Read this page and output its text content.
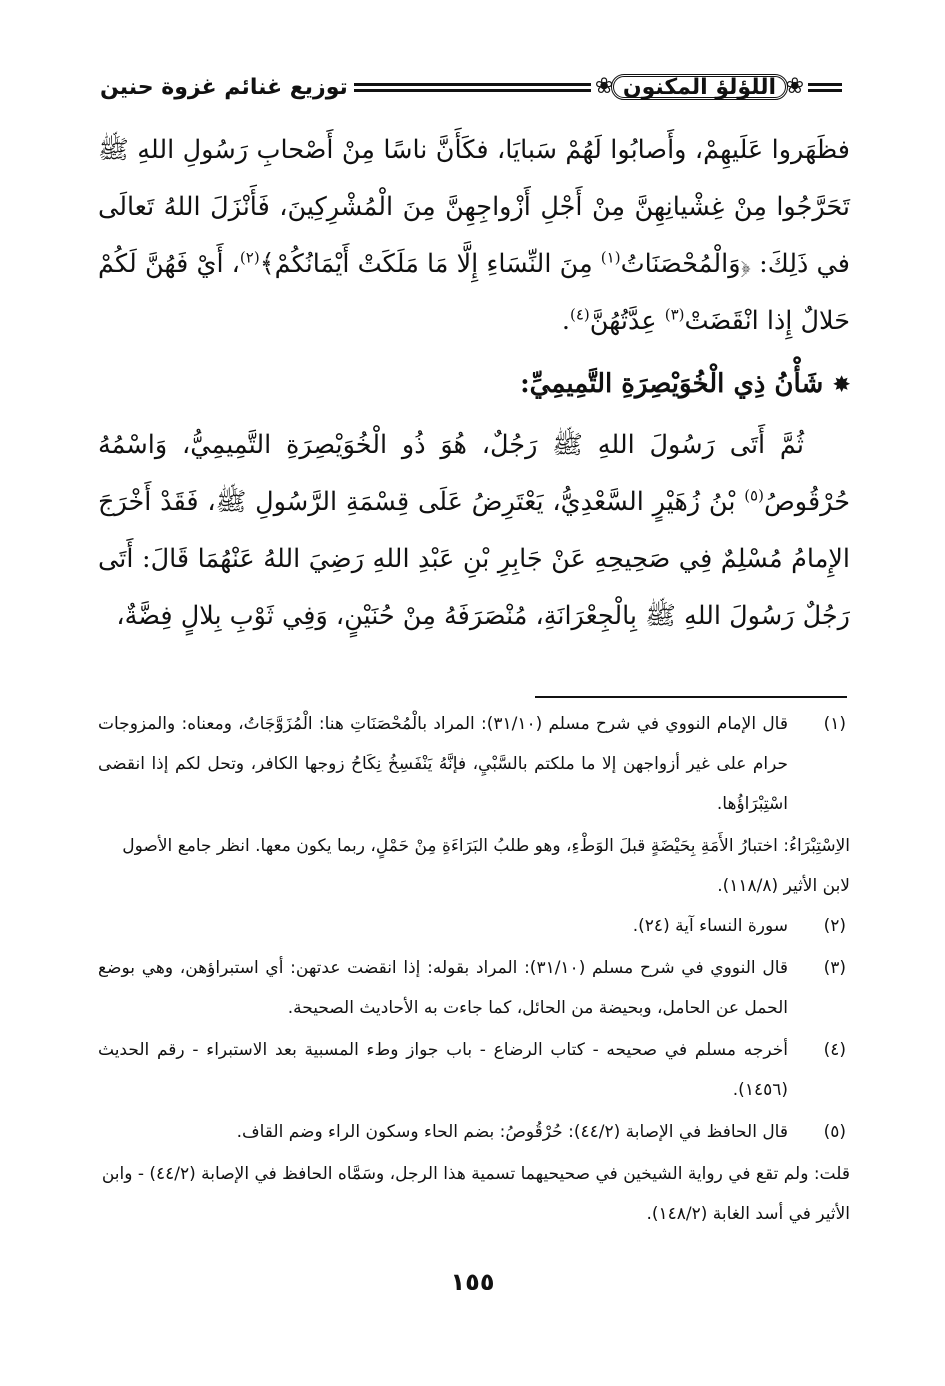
❀
اللؤلؤ المكنون
❀
توزيع غنائم غزوة حنين

فظَهَروا عَلَيهِمْ، وأَصابُوا لَهُمْ سَبايَا، فكَأَنَّ ناسًا مِنْ أَصْحابِ رَسُولِ اللهِ ﷺ تَحَرَّجُوا مِنْ غِشْيانِهِنَّ مِنْ أَجْلِ أَزْواجِهِنَّ مِنَ الْمُشْرِكِينَ، فَأَنْزَلَ اللهُ تَعالَى في ذَلِكَ: ﴿وَالْمُحْصَنَاتُ$^{(١)}$ مِنَ النِّسَاءِ إِلَّا مَا مَلَكَتْ أَيْمَانُكُمْ﴾$^{(٢)}$، أَيْ فَهُنَّ لَكُمْ حَلالٌ إِذا انْقَضَتْ$^{(٣)}$ عِدَّتُهُنَّ$^{(٤)}$.

✸
شَأْنُ ذِي الْخُوَيْصِرَةِ التَّمِيمِيِّ:

ثُمَّ أَتَى رَسُولَ اللهِ ﷺ رَجُلٌ، هُوَ ذُو الْخُوَيْصِرَةِ التَّمِيمِيُّ، وَاسْمُهُ حُرْقُوصُ$^{(٥)}$ بْنُ زُهَيْرٍ السَّعْدِيُّ، يَعْتَرِضُ عَلَى قِسْمَةِ الرَّسُولِ ﷺ، فَقَدْ أَخْرَجَ الإِمامُ مُسْلِمٌ فِي صَحِيحِهِ عَنْ جَابِرِ بْنِ عَبْدِ اللهِ رَضِيَ اللهُ عَنْهُمَا قَالَ: أَتَى رَجُلٌ رَسُولَ اللهِ ﷺ بِالْجِعْرَانَةِ، مُنْصَرَفَهُ مِنْ حُنَيْنٍ، وَفِي ثَوْبِ بِلالٍ فِضَّةٌ،

(١)
قال الإمام النووي في شرح مسلم (٣١/١٠): المراد بالْمُحْصَنَاتِ هنا: الْمُزَوَّجَاتُ، ومعناه: والمزوجات حرام على غير أزواجهن إلا ما ملكتم بالسَّبْيِ، فإنَّهُ يَنْفَسِخُ نِكَاحُ زوجها الكافر، وتحل لكم إذا انقضى اسْتِبْرَاؤُها.
الاِسْتِبْرَاءُ: اختبارُ الأَمَةِ بِحَيْضَةٍ قبلَ الوَطْءِ، وهو طلبُ البَرَاءَةِ مِنْ حَمْلٍ، ربما يكون معها. انظر جامع الأصول لابن الأثير (١١٨/٨).
(٢)
سورة النساء آية (٢٤).
(٣)
قال النووي في شرح مسلم (٣١/١٠): المراد بقوله: إذا انقضت عدتهن: أي استبراؤهن، وهي بوضع الحمل عن الحامل، وبحيضة من الحائل، كما جاءت به الأحاديث الصحيحة.
(٤)
أخرجه مسلم في صحيحه - كتاب الرضاع - باب جواز وطء المسبية بعد الاستبراء - رقم الحديث (١٤٥٦).
(٥)
قال الحافظ في الإصابة (٤٤/٢): حُرْقُوصُ: بضم الحاء وسكون الراء وضم القاف.
قلت: ولم تقع في رواية الشيخين في صحيحيهما تسمية هذا الرجل، وسَمَّاه الحافظ في الإصابة (٤٤/٢) - وابن الأثير في أسد الغابة (١٤٨/٢).
١٥٥
